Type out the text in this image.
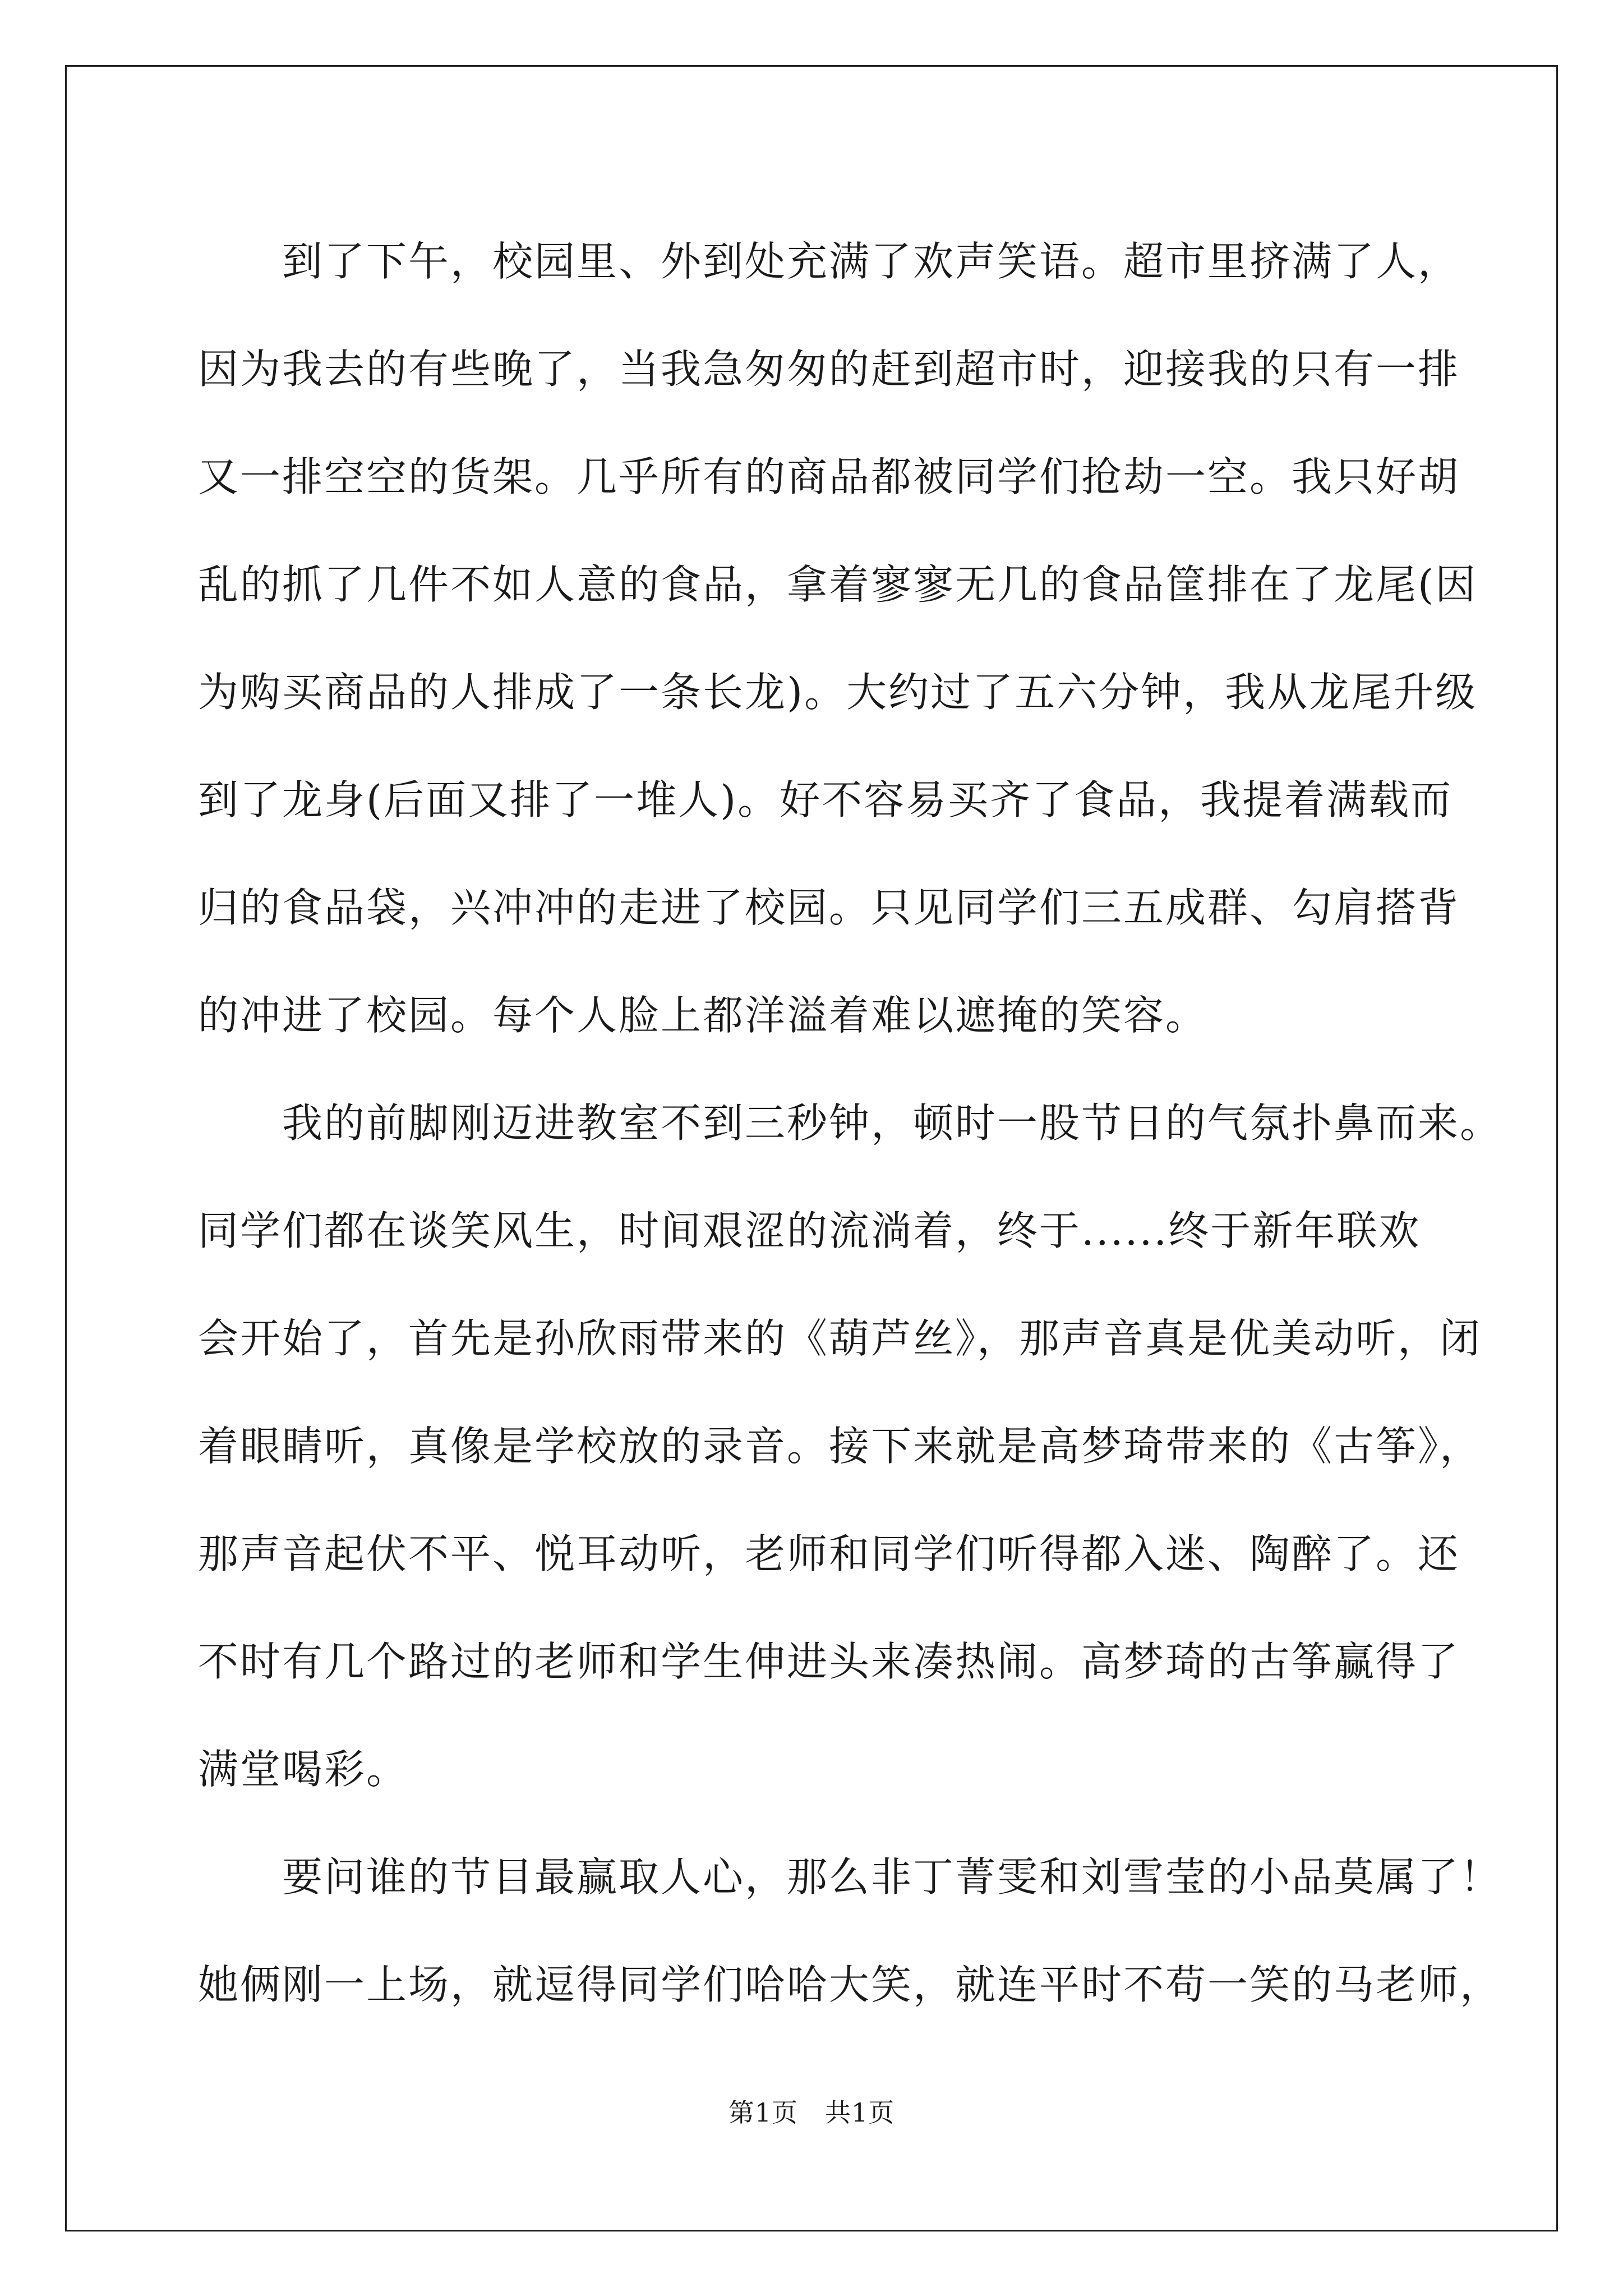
到了下午，校园里、外到处充满了欢声笑语。超市里挤满了人，
因为我去的有些晚了，当我急匆匆的赶到超市时，迎接我的只有一排
又一排空空的货架。几乎所有的商品都被同学们抢劫一空。我只好胡
乱的抓了几件不如人意的食品，拿着寥寥无几的食品筐排在了龙尾(因
为购买商品的人排成了一条长龙)。大约过了五六分钟，我从龙尾升级
到了龙身(后面又排了一堆人)。好不容易买齐了食品，我提着满载而
归的食品袋，兴冲冲的走进了校园。只见同学们三五成群、勾肩搭背
的冲进了校园。每个人脸上都洋溢着难以遮掩的笑容。
我的前脚刚迈进教室不到三秒钟，顿时一股节日的气氛扑鼻而来。
同学们都在谈笑风生，时间艰涩的流淌着，终于......终于新年联欢
会开始了，首先是孙欣雨带来的《葫芦丝》，那声音真是优美动听，闭
着眼睛听，真像是学校放的录音。接下来就是高梦琦带来的《古筝》，
那声音起伏不平、悦耳动听，老师和同学们听得都入迷、陶醉了。还
不时有几个路过的老师和学生伸进头来凑热闹。高梦琦的古筝赢得了
满堂喝彩。
要问谁的节目最赢取人心，那么非丁菁雯和刘雪莹的小品莫属了！
她俩刚一上场，就逗得同学们哈哈大笑，就连平时不苟一笑的马老师，
第1页 共1页
